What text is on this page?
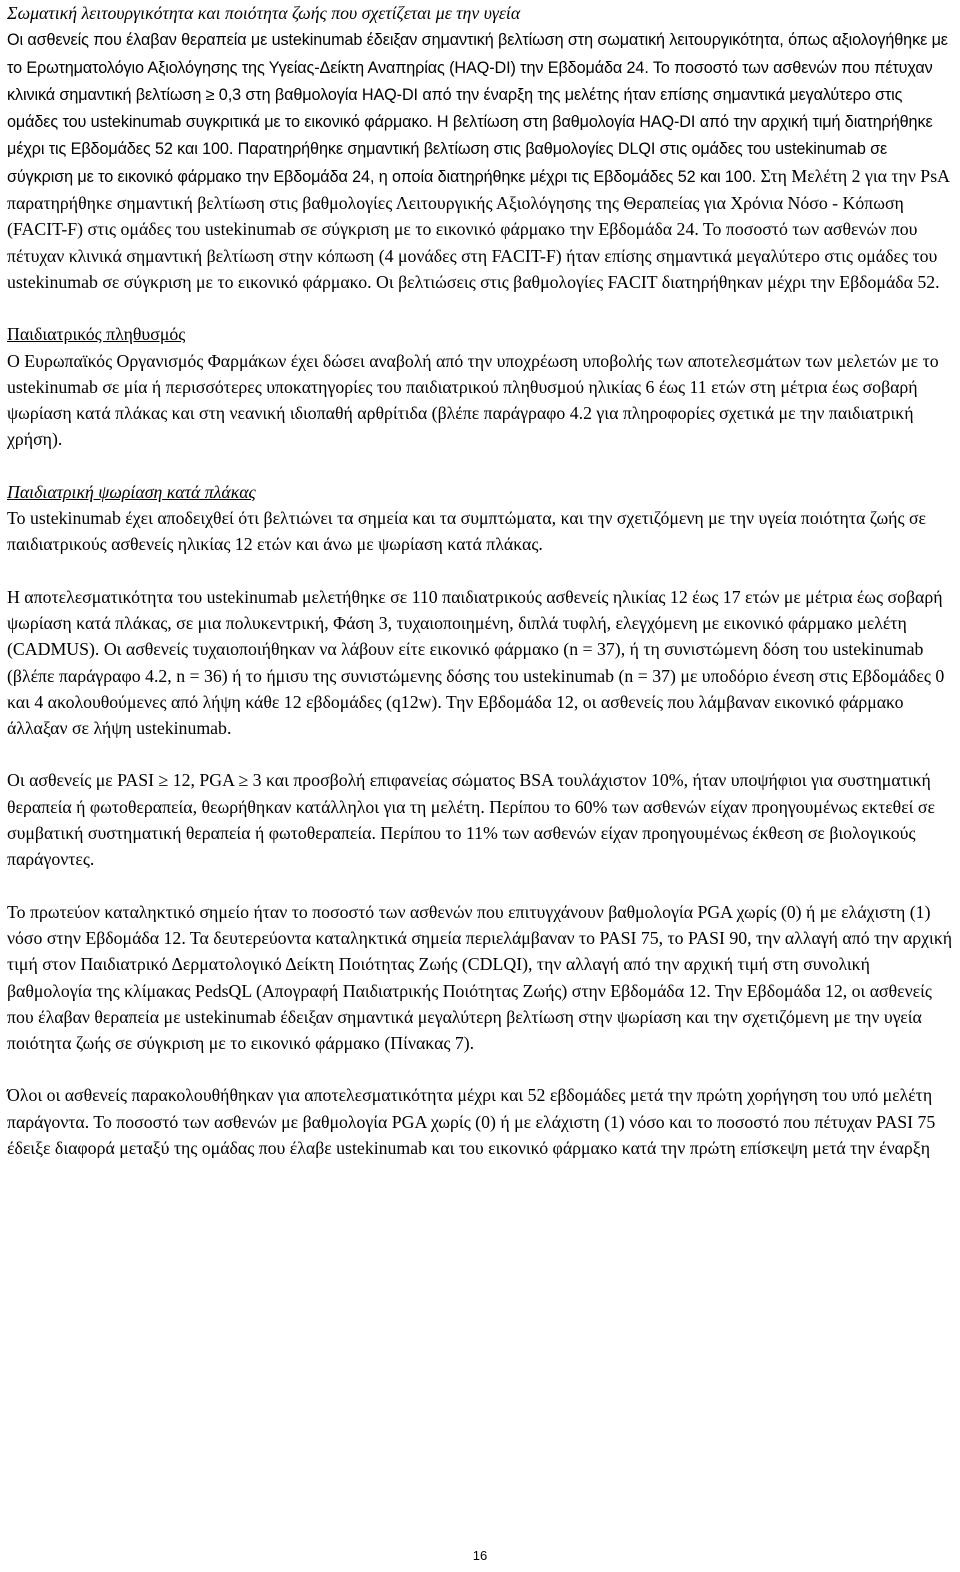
Σωματική λειτουργικότητα και ποιότητα ζωής που σχετίζεται με την υγεία

Οι ασθενείς που έλαβαν θεραπεία με ustekinumab έδειξαν σημαντική βελτίωση στη σωματική λειτουργικότητα, όπως αξιολογήθηκε με το Ερωτηματολόγιο Αξιολόγησης της Υγείας-Δείκτη Αναπηρίας (HAQ-DI) την Εβδομάδα 24. Το ποσοστό των ασθενών που πέτυχαν κλινικά σημαντική βελτίωση ≥ 0,3 στη βαθμολογία HAQ-DI από την έναρξη της μελέτης ήταν επίσης σημαντικά μεγαλύτερο στις ομάδες του ustekinumab συγκριτικά με το εικονικό φάρμακο. Η βελτίωση στη βαθμολογία HAQ-DI από την αρχική τιμή διατηρήθηκε μέχρι τις Εβδομάδες 52 και 100. Παρατηρήθηκε σημαντική βελτίωση στις βαθμολογίες DLQI στις ομάδες του ustekinumab σε σύγκριση με το εικονικό φάρμακο την Εβδομάδα 24, η οποία διατηρήθηκε μέχρι τις Εβδομάδες 52 και 100. Στη Μελέτη 2 για την PsA παρατηρήθηκε σημαντική βελτίωση στις βαθμολογίες Λειτουργικής Αξιολόγησης της Θεραπείας για Χρόνια Νόσο - Κόπωση (FACIT-F) στις ομάδες του ustekinumab σε σύγκριση με το εικονικό φάρμακο την Εβδομάδα 24. Το ποσοστό των ασθενών που πέτυχαν κλινικά σημαντική βελτίωση στην κόπωση (4 μονάδες στη FACIT-F) ήταν επίσης σημαντικά μεγαλύτερο στις ομάδες του ustekinumab σε σύγκριση με το εικονικό φάρμακο. Οι βελτιώσεις στις βαθμολογίες FACIT διατηρήθηκαν μέχρι την Εβδομάδα 52.

Παιδιατρικός πληθυσμός

Ο Ευρωπαϊκός Οργανισμός Φαρμάκων έχει δώσει αναβολή από την υποχρέωση υποβολής των αποτελεσμάτων των μελετών με το ustekinumab σε μία ή περισσότερες υποκατηγορίες του παιδιατρικού πληθυσμού ηλικίας 6 έως 11 ετών στη μέτρια έως σοβαρή ψωρίαση κατά πλάκας και στη νεανική ιδιοπαθή αρθρίτιδα (βλέπε παράγραφο 4.2 για πληροφορίες σχετικά με την παιδιατρική χρήση).

Παιδιατρική ψωρίαση κατά πλάκας

Το ustekinumab έχει αποδειχθεί ότι βελτιώνει τα σημεία και τα συμπτώματα, και την σχετιζόμενη με την υγεία ποιότητα ζωής σε παιδιατρικούς ασθενείς ηλικίας 12 ετών και άνω με ψωρίαση κατά πλάκας.

Η αποτελεσματικότητα του ustekinumab μελετήθηκε σε 110 παιδιατρικούς ασθενείς ηλικίας 12 έως 17 ετών με μέτρια έως σοβαρή ψωρίαση κατά πλάκας, σε μια πολυκεντρική, Φάση 3, τυχαιοποιημένη, διπλά τυφλή, ελεγχόμενη με εικονικό φάρμακο μελέτη (CADMUS). Οι ασθενείς τυχαιοποιήθηκαν να λάβουν είτε εικονικό φάρμακο (n = 37), ή τη συνιστώμενη δόση του ustekinumab (βλέπε παράγραφο 4.2, n = 36) ή το ήμισυ της συνιστώμενης δόσης του ustekinumab (n = 37) με υποδόριο ένεση στις Εβδομάδες 0 και 4 ακολουθούμενες από λήψη κάθε 12 εβδομάδες (q12w). Την Εβδομάδα 12, οι ασθενείς που λάμβαναν εικονικό φάρμακο άλλαξαν σε λήψη ustekinumab.

Οι ασθενείς με PASI ≥ 12, PGA ≥ 3 και προσβολή επιφανείας σώματος BSA τουλάχιστον 10%, ήταν υποψήφιοι για συστηματική θεραπεία ή φωτοθεραπεία, θεωρήθηκαν κατάλληλοι για τη μελέτη. Περίπου το 60% των ασθενών είχαν προηγουμένως εκτεθεί σε συμβατική συστηματική θεραπεία ή φωτοθεραπεία. Περίπου το 11% των ασθενών είχαν προηγουμένως έκθεση σε βιολογικούς παράγοντες.

Το πρωτεύον καταληκτικό σημείο ήταν το ποσοστό των ασθενών που επιτυγχάνουν βαθμολογία PGA χωρίς (0) ή με ελάχιστη (1) νόσο στην Εβδομάδα 12. Τα δευτερεύοντα καταληκτικά σημεία περιελάμβαναν το PASI 75, το PASI 90, την αλλαγή από την αρχική τιμή στον Παιδιατρικό Δερματολογικό Δείκτη Ποιότητας Ζωής (CDLQI), την αλλαγή από την αρχική τιμή στη συνολική βαθμολογία της κλίμακας PedsQL (Απογραφή Παιδιατρικής Ποιότητας Ζωής) στην Εβδομάδα 12. Την Εβδομάδα 12, οι ασθενείς που έλαβαν θεραπεία με ustekinumab έδειξαν σημαντικά μεγαλύτερη βελτίωση στην ψωρίαση και την σχετιζόμενη με την υγεία ποιότητα ζωής σε σύγκριση με το εικονικό φάρμακο (Πίνακας 7).

Όλοι οι ασθενείς παρακολουθήθηκαν για αποτελεσματικότητα μέχρι και 52 εβδομάδες μετά την πρώτη χορήγηση του υπό μελέτη παράγοντα. Το ποσοστό των ασθενών με βαθμολογία PGA χωρίς (0) ή με ελάχιστη (1) νόσο και το ποσοστό που πέτυχαν PASI 75 έδειξε διαφορά μεταξύ της ομάδας που έλαβε ustekinumab και του εικονικό φάρμακο κατά την πρώτη επίσκεψη μετά την έναρξη

16
